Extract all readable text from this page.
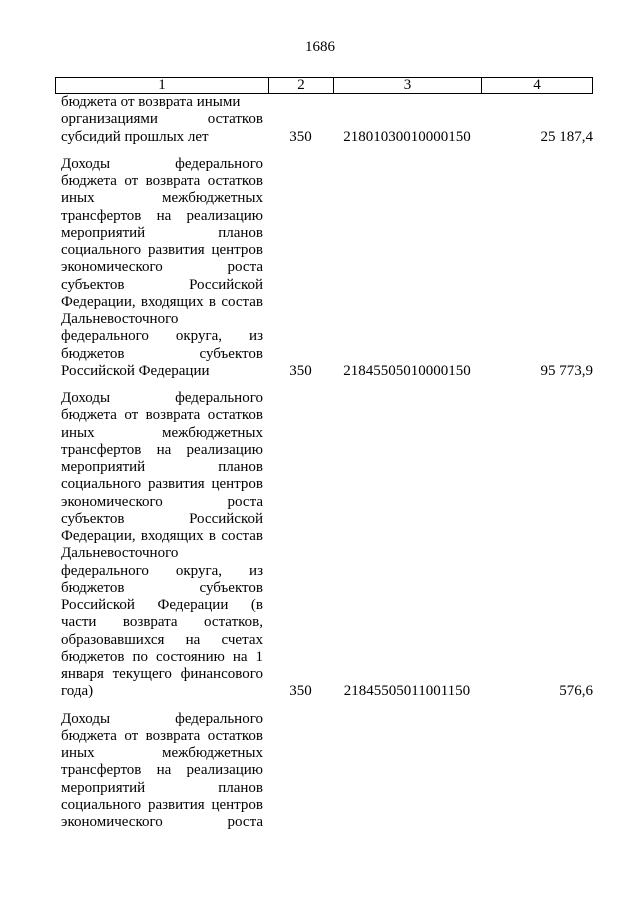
1686
1	2	3	4
бюджета от возврата иными
организациями остатков
субсидий прошлых лет	350	21801030010000150	25 187,4
Доходы федерального
бюджета от возврата остатков
иных межбюджетных
трансфертов на реализацию
мероприятий планов
социального развития центров
экономического роста
субъектов Российской
Федерации, входящих в состав
Дальневосточного
федерального округа, из
бюджетов субъектов
Российской Федерации	350	21845505010000150	95 773,9
Доходы федерального
бюджета от возврата остатков
иных межбюджетных
трансфертов на реализацию
мероприятий планов
социального развития центров
экономического роста
субъектов Российской
Федерации, входящих в состав
Дальневосточного
федерального округа, из
бюджетов субъектов
Российской Федерации (в
части возврата остатков,
образовавшихся на счетах
бюджетов по состоянию на 1
января текущего финансового
года)	350	21845505011001150	576,6
Доходы федерального
бюджета от возврата остатков
иных межбюджетных
трансфертов на реализацию
мероприятий планов
социального развития центров
экономического роста
